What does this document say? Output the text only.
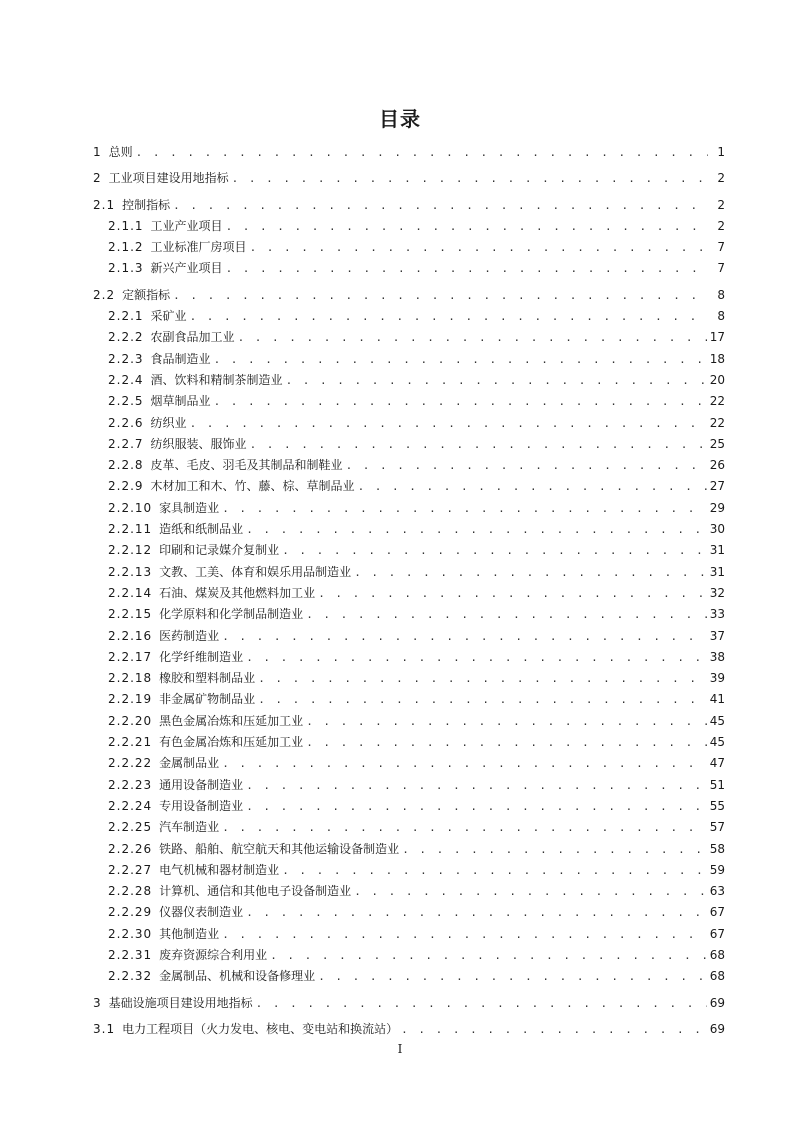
目录
1 总则 . . .	1
2 工业项目建设用地指标 . . .	2
2.1 控制指标 . . .	2
2.1.1 工业产业项目 . . .	2
2.1.2 工业标准厂房项目 . . .	7
2.1.3 新兴产业项目 . . .	7
2.2 定额指标 . . .	8
2.2.1 采矿业 . . .	8
2.2.2 农副食品加工业 . . .	17
2.2.3 食品制造业 . . .	18
2.2.4 酒、饮料和精制茶制造业 . . .	20
2.2.5 烟草制品业 . . .	22
2.2.6 纺织业 . . .	22
2.2.7 纺织服装、服饰业 . . .	25
2.2.8 皮革、毛皮、羽毛及其制品和制鞋业 . . .	26
2.2.9 木材加工和木、竹、藤、棕、草制品业 . . .	27
2.2.10 家具制造业 . . .	29
2.2.11 造纸和纸制品业 . . .	30
2.2.12 印刷和记录媒介复制业 . . .	31
2.2.13 文教、工美、体育和娱乐用品制造业 . . .	31
2.2.14 石油、煤炭及其他燃料加工业 . . .	32
2.2.15 化学原料和化学制品制造业 . . .	33
2.2.16 医药制造业 . . .	37
2.2.17 化学纤维制造业 . . .	38
2.2.18 橡胶和塑料制品业 . . .	39
2.2.19 非金属矿物制品业 . . .	41
2.2.20 黑色金属冶炼和压延加工业 . . .	45
2.2.21 有色金属冶炼和压延加工业 . . .	45
2.2.22 金属制品业 . . .	47
2.2.23 通用设备制造业 . . .	51
2.2.24 专用设备制造业 . . .	55
2.2.25 汽车制造业 . . .	57
2.2.26 铁路、船舶、航空航天和其他运输设备制造业 . . .	58
2.2.27 电气机械和器材制造业 . . .	59
2.2.28 计算机、通信和其他电子设备制造业 . . .	63
2.2.29 仪器仪表制造业 . . .	67
2.2.30 其他制造业 . . .	67
2.2.31 废弃资源综合利用业 . . .	68
2.2.32 金属制品、机械和设备修理业 . . .	68
3 基础设施项目建设用地指标 . . .	69
3.1 电力工程项目（火力发电、核电、变电站和换流站） . . .	69
I
